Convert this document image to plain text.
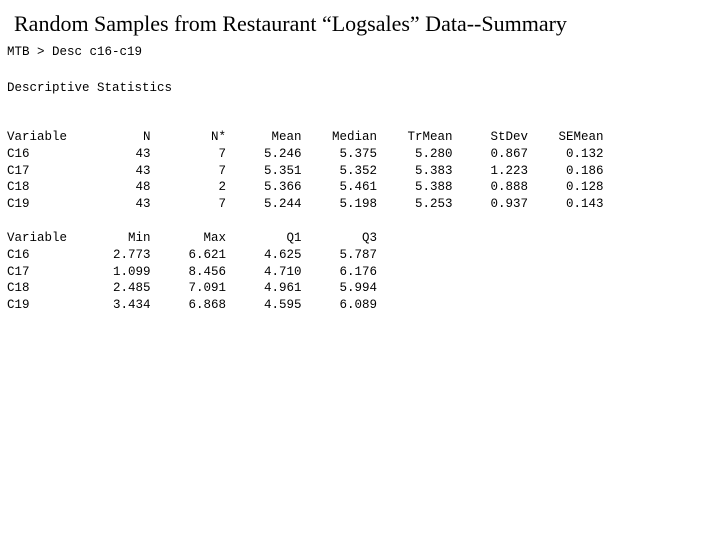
Random Samples from Restaurant “Logsales” Data--Summary
MTB > Desc c16-c19
Descriptive Statistics
Variable	N	N*	Mean	Median	TrMean	StDev	SEMean
C16	43	7	5.246	5.375	5.280	0.867	0.132
C17	43	7	5.351	5.352	5.383	1.223	0.186
C18	48	2	5.366	5.461	5.388	0.888	0.128
C19	43	7	5.244	5.198	5.253	0.937	0.143
Variable	Min	Max	Q1	Q3
C16	2.773	6.621	4.625	5.787
C17	1.099	8.456	4.710	6.176
C18	2.485	7.091	4.961	5.994
C19	3.434	6.868	4.595	6.089
